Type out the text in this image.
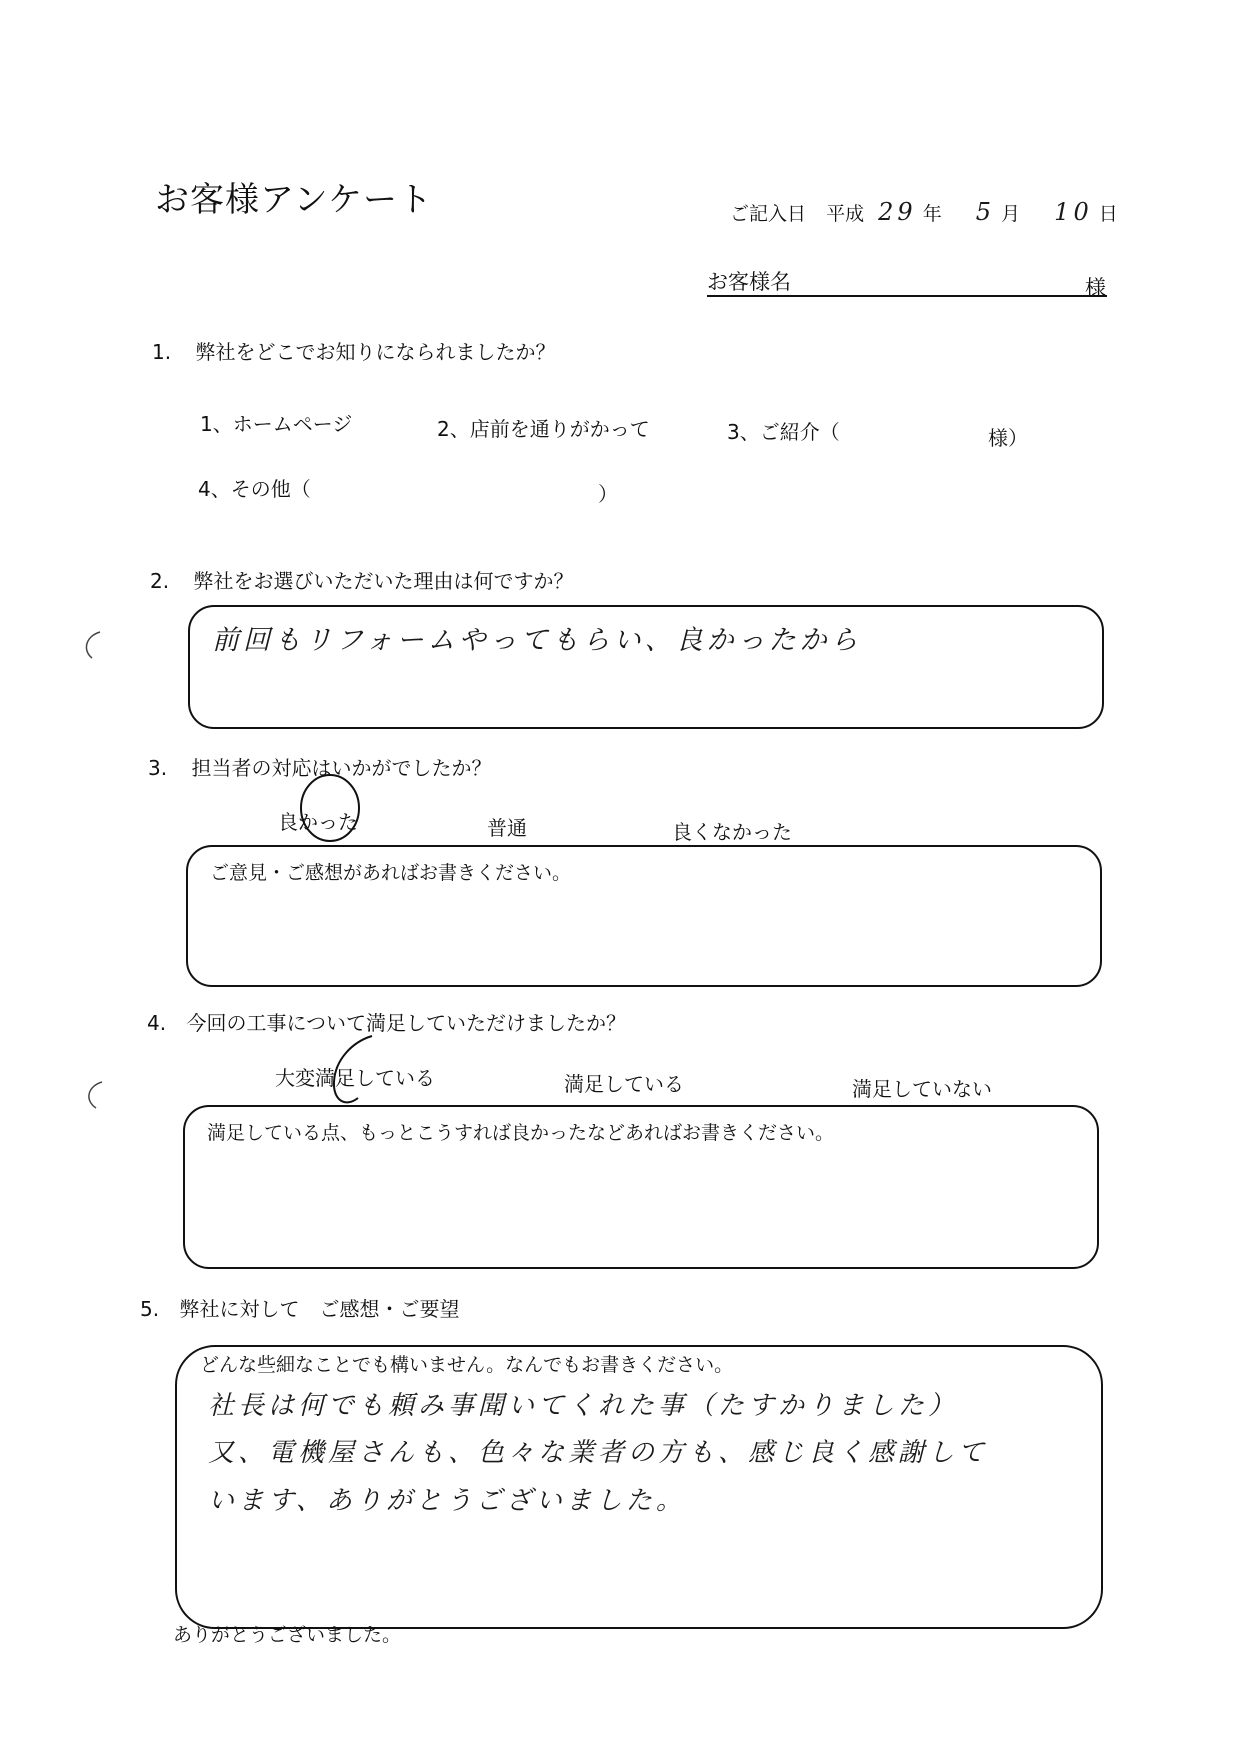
お客様アンケート	ご記入日 平成 29 年 5 月 10 日
お客様名	様
1. 弊社をどこでお知りになられましたか？
1、ホームページ	2、店前を通りがかって	3、ご紹介（	様）
4、その他（	）
2. 弊社をお選びいただいた理由は何ですか？
前回もリフォームやってもらい、良かったから
3. 担当者の対応はいかがでしたか？
良かった	普通	良くなかった
ご意見・ご感想があればお書きください。
4. 今回の工事について満足していただけましたか？
大変満足している	満足している	満足していない
満足している点、もっとこうすれば良かったなどあればお書きください。
5. 弊社に対して　ご感想・ご要望
どんな些細なことでも構いません。なんでもお書きください。
社長は何でも頼み事聞いてくれた事（たすかりました）
又、電機屋さんも、色々な業者の方も、感じ良く感謝して
います、ありがとうございました。
ありがとうございました。
